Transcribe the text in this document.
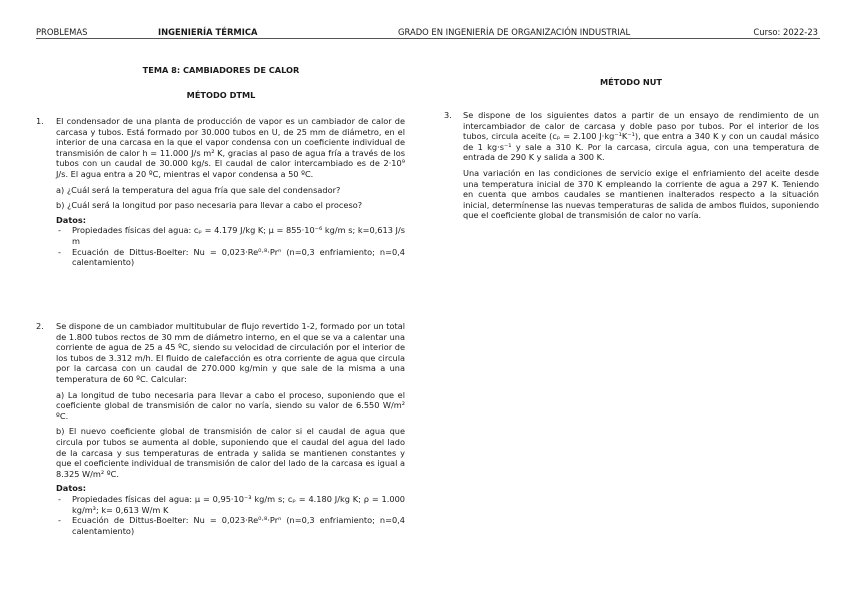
PROBLEMAS	INGENIERÍA TÉRMICA	GRADO EN INGENIERÍA DE ORGANIZACIÓN INDUSTRIAL	Curso: 2022-23
TEMA 8: CAMBIADORES DE CALOR
MÉTODO DTML
1. El condensador de una planta de producción de vapor es un cambiador de calor de carcasa y tubos. Está formado por 30.000 tubos en U, de 25 mm de diámetro, en el interior de una carcasa en la que el vapor condensa con un coeficiente individual de transmisión de calor h = 11.000 J/s m² K, gracias al paso de agua fría a través de los tubos con un caudal de 30.000 kg/s. El caudal de calor intercambiado es de 2·10⁹ J/s. El agua entra a 20 ºC, mientras el vapor condensa a 50 ºC.

a) ¿Cuál será la temperatura del agua fría que sale del condensador?

b) ¿Cuál será la longitud por paso necesaria para llevar a cabo el proceso?

Datos:
- Propiedades físicas del agua: cₚ = 4.179 J/kg K; μ = 855·10⁻⁶ kg/m s; k=0,613 J/s m
- Ecuación de Dittus-Boelter: Nu = 0,023·Re⁰·⁸·Prⁿ (n=0,3 enfriamiento; n=0,4 calentamiento)
2. Se dispone de un cambiador multitubular de flujo revertido 1-2, formado por un total de 1.800 tubos rectos de 30 mm de diámetro interno, en el que se va a calentar una corriente de agua de 25 a 45 ºC, siendo su velocidad de circulación por el interior de los tubos de 3.312 m/h. El fluido de calefacción es otra corriente de agua que circula por la carcasa con un caudal de 270.000 kg/min y que sale de la misma a una temperatura de 60 ºC. Calcular:

a) La longitud de tubo necesaria para llevar a cabo el proceso, suponiendo que el coeficiente global de transmisión de calor no varía, siendo su valor de 6.550 W/m² ºC.

b) El nuevo coeficiente global de transmisión de calor si el caudal de agua que circula por tubos se aumenta al doble, suponiendo que el caudal del agua del lado de la carcasa y sus temperaturas de entrada y salida se mantienen constantes y que el coeficiente individual de transmisión de calor del lado de la carcasa es igual a 8.325 W/m² ºC.

Datos:
- Propiedades físicas del agua: μ = 0,95·10⁻³ kg/m s; cₚ = 4.180 J/kg K; ρ = 1.000 kg/m³; k= 0,613 W/m K
- Ecuación de Dittus-Boelter: Nu = 0,023·Re⁰·⁸·Prⁿ (n=0,3 enfriamiento; n=0,4 calentamiento)
MÉTODO NUT
3. Se dispone de los siguientes datos a partir de un ensayo de rendimiento de un intercambiador de calor de carcasa y doble paso por tubos. Por el interior de los tubos, circula aceite (cₚ = 2.100 J·kg⁻¹K⁻¹), que entra a 340 K y con un caudal másico de 1 kg·s⁻¹ y sale a 310 K. Por la carcasa, circula agua, con una temperatura de entrada de 290 K y salida a 300 K.

Una variación en las condiciones de servicio exige el enfriamiento del aceite desde una temperatura inicial de 370 K empleando la corriente de agua a 297 K. Teniendo en cuenta que ambos caudales se mantienen inalterados respecto a la situación inicial, determínense las nuevas temperaturas de salida de ambos fluidos, suponiendo que el coeficiente global de transmisión de calor no varía.
